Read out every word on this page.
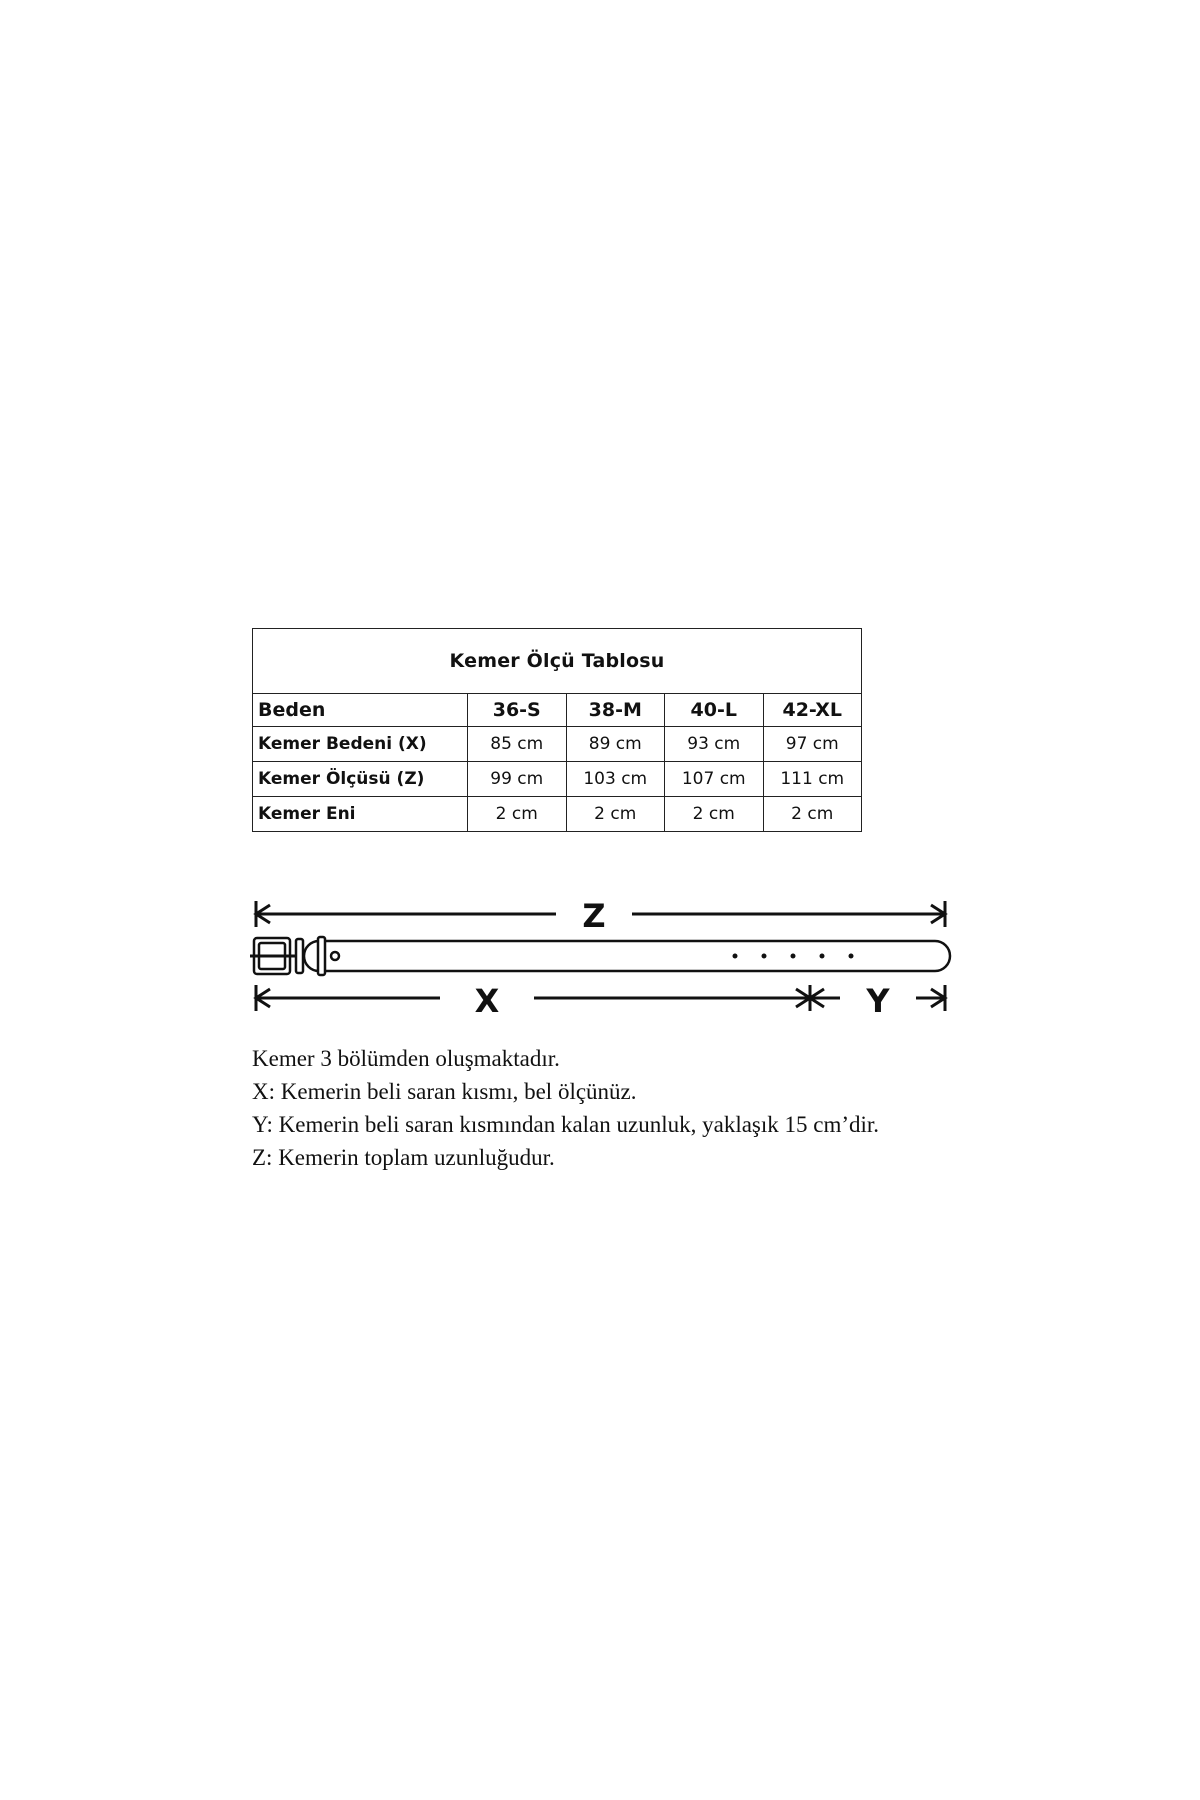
Kemer Ölçü Tablosu				
Beden	36-S	38-M	40-L	42-XL
Kemer Bedeni (X)	85 cm	89 cm	93 cm	97 cm
Kemer Ölçüsü (Z)	99 cm	103 cm	107 cm	111 cm
Kemer Eni	2 cm	2 cm	2 cm	2 cm
Z
X	Y

Kemer 3 bölümden oluşmaktadır.

X: Kemerin beli saran kısmı, bel ölçünüz.

Y: Kemerin beli saran kısmından kalan uzunluk, yaklaşık 15 cm’dir.

Z: Kemerin toplam uzunluğudur.
